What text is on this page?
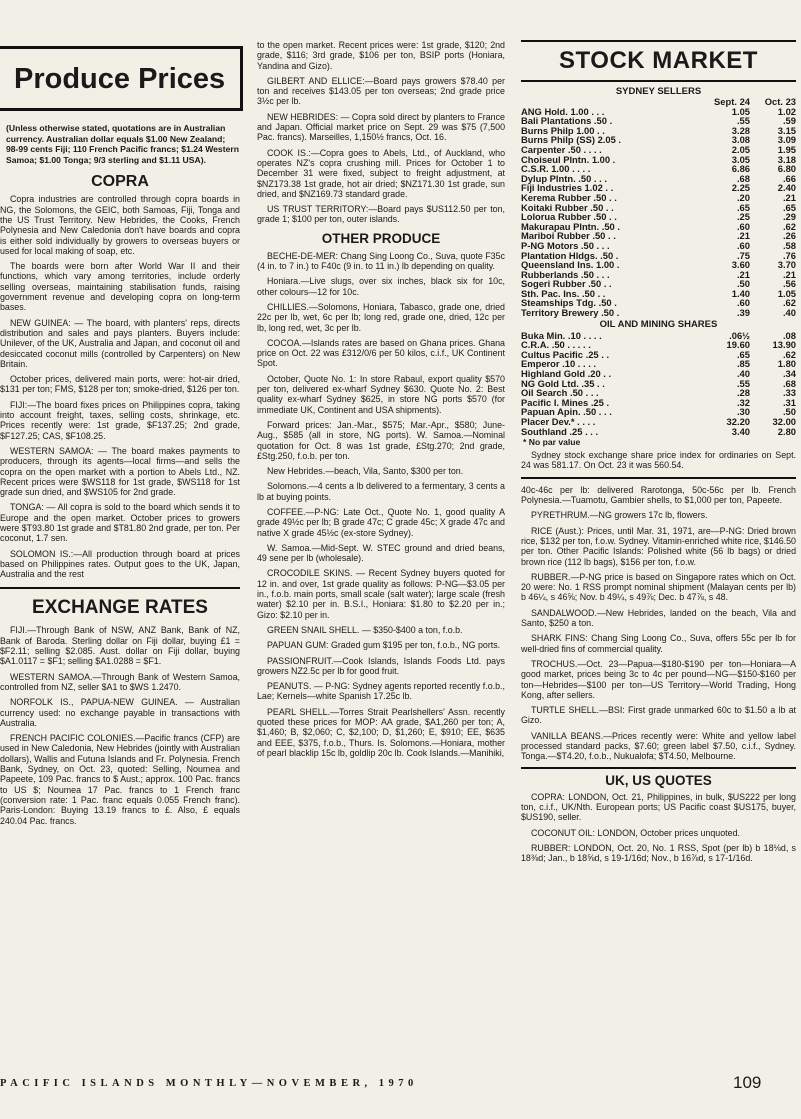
Produce Prices
(Unless otherwise stated, quotations are in Australian currency. Australian dollar equals $1.00 New Zealand; 98-99 cents Fiji; 110 French Pacific francs; $1.24 Western Samoa; $1.00 Tonga; 9/3 sterling and $1.11 USA).
COPRA

Copra industries are controlled through copra boards in NG, the Solomons, the GEIC, both Samoas, Fiji, Tonga and the US Trust Territory. New Hebrides, the Cooks, French Polynesia and New Caledonia don't have boards and copra is either sold individually by growers to overseas buyers or used for local making of soap, etc.

The boards were born after World War II and their functions, which vary among territories, include orderly selling overseas, maintaining stabilisation funds, raising government revenue and developing copra on long-term bases.

NEW GUINEA: — The board, with planters' reps, directs distribution and sales and pays planters. Buyers include: Unilever, of the UK, Australia and Japan, and coconut oil and desiccated coconut mills (controlled by Carpenters) on New Britain.

October prices, delivered main ports, were: hot-air dried, $131 per ton; FMS, $128 per ton; smoke-dried, $126 per ton.

FIJI:—The board fixes prices on Philippines copra, taking into account freight, taxes, selling costs, shrinkage, etc. Prices recently were: 1st grade, $F137.25; 2nd grade, $F127.25; CAS, $F108.25.

WESTERN SAMOA: — The board makes payments to producers, through its agents—local firms—and sells the copra on the open market with a portion to Abels Ltd., NZ. Recent prices were $WS118 for 1st grade, $WS118 for 1st grade sun dried, and $WS105 for 2nd grade.

TONGA: — All copra is sold to the board which sends it to Europe and the open market. October prices to growers were $T93.80 1st grade and $T81.80 2nd grade, per ton. Per coconut, 1.7 sen.

SOLOMON IS.:—All production through board at prices based on Philippines rates. Output goes to the UK, Japan, Australia and the rest

EXCHANGE RATES

FIJI.—Through Bank of NSW, ANZ Bank, Bank of NZ, Bank of Baroda. Sterling dollar on Fiji dollar, buying £1 = $F2.11; selling $2.085. Aust. dollar on Fiji dollar, buying $A1.0117 = $F1; selling $A1.0288 = $F1.

WESTERN SAMOA.—Through Bank of Western Samoa, controlled from NZ, seller $A1 to $WS 1.2470.

NORFOLK IS., PAPUA-NEW GUINEA. — Australian currency used: no exchange payable in transactions with Australia.

FRENCH PACIFIC COLONIES.—Pacific francs (CFP) are used in New Caledonia, New Hebrides (jointly with Australian dollars), Wallis and Futuna Islands and Fr. Polynesia. French Bank, Sydney, on Oct. 23, quoted: Selling, Noumea and Papeete, 109 Pac. francs to $ Aust.; approx. 100 Pac. francs to US $; Noumea 17 Pac. francs to 1 French franc (conversion rate: 1 Pac. franc equals 0.055 French franc). Paris-London: Buying 13.19 francs to £. Also, £ equals 240.04 Pac. francs.

to the open market. Recent prices were: 1st grade, $120; 2nd grade, $116; 3rd grade, $106 per ton, BSIP ports (Honiara, Yandina and Gizo).

GILBERT AND ELLICE:—Board pays growers $78.40 per ton and receives $143.05 per ton overseas; 2nd grade price 3½c per lb.

NEW HEBRIDES: — Copra sold direct by planters to France and Japan. Official market price on Sept. 29 was $75 (7,500 Pac. francs). Marseilles, 1,150½ francs, Oct. 16.

COOK IS.:—Copra goes to Abels, Ltd., of Auckland, who operates NZ's copra crushing mill. Prices for October 1 to December 31 were fixed, subject to freight adjustment, at $NZ173.38 1st grade, hot air dried; $NZ171.30 1st grade, sun dried, and $NZ169.73 standard grade.

US TRUST TERRITORY:—Board pays $US112.50 per ton, grade 1; $100 per ton, outer islands.

OTHER PRODUCE

BECHE-DE-MER: Chang Sing Loong Co., Suva, quote F35c (4 in. to 7 in.) to F40c (9 in. to 11 in.) lb depending on quality.

Honiara.—Live slugs, over six inches, black six for 10c, other colours—12 for 10c.

CHILLIES.—Solomons, Honiara, Tabasco, grade one, dried 22c per lb, wet, 6c per lb; long red, grade one, dried, 12c per lb, long red, wet, 3c per lb.

COCOA.—Islands rates are based on Ghana prices. Ghana price on Oct. 22 was £312/0/6 per 50 kilos, c.i.f., UK Continent Spot.

October, Quote No. 1: In store Rabaul, export quality $570 per ton, delivered ex-wharf Sydney $630. Quote No. 2: Best quality ex-wharf Sydney $625, in store NG ports $570 (for immediate UK, Continent and USA shipments).

Forward prices: Jan.-Mar., $575; Mar.-Apr., $580; June-Aug., $585 (all in store, NG ports). W. Samoa.—Nominal quotation for Oct. 8 was 1st grade, £Stg.270; 2nd grade, £Stg.250, f.o.b. per ton.

New Hebrides.—beach, Vila, Santo, $300 per ton.

Solomons.—4 cents a lb delivered to a fermentary, 3 cents a lb at buying points.

COFFEE.—P-NG: Late Oct., Quote No. 1, good quality A grade 49½c per lb; B grade 47c; C grade 45c; X grade 47c and native X grade 45½c (ex-store Sydney).

W. Samoa.—Mid-Sept. W. STEC ground and dried beans, 49 sene per lb (wholesale).

CROCODILE SKINS. — Recent Sydney buyers quoted for 12 in. and over, 1st grade quality as follows: P-NG—$3.05 per in., f.o.b. main ports, small scale (salt water); large scale (fresh water) $2.10 per in. B.S.I., Honiara: $1.80 to $2.20 per in.; Gizo: $2.10 per in.

GREEN SNAIL SHELL. — $350-$400 a ton, f.o.b.

PAPUAN GUM: Graded gum $195 per ton, f.o.b., NG ports.

PASSIONFRUIT.—Cook Islands, Islands Foods Ltd. pays growers NZ2.5c per lb for good fruit.

PEANUTS. — P-NG: Sydney agents reported recently f.o.b., Lae; Kernels—white Spanish 17.25c lb.

PEARL SHELL.—Torres Strait Pearlshellers' Assn. recently quoted these prices for MOP: AA grade, $A1,260 per ton; A, $1,460; B, $2,060; C, $2,100; D, $1,260; E, $910; EE, $635 and EEE, $375, f.o.b., Thurs. Is. Solomons.—Honiara, mother of pearl blacklip 15c lb, goldlip 20c lb. Cook Islands.—Manihiki,

STOCK MARKET
SYDNEY SELLERS
	Sept. 24	Oct. 23
ANG Hold. 1.00 . . .	1.05	1.02
Bali Plantations .50 .	.55	.59
Burns Philp 1.00 . .	3.28	3.15
Burns Philp (SS) 2.05 .	3.08	3.09
Carpenter .50 . . . .	2.05	1.95
Choiseul Plntn. 1.00 .	3.05	3.18
C.S.R. 1.00 . . . .	6.86	6.80
Dylup Plntn. .50 . . .	.68	.66
Fiji Industries 1.02 . .	2.25	2.40
Kerema Rubber .50 . .	.20	.21
Koitaki Rubber .50 . .	.65	.65
Lolorua Rubber .50 . .	.25	.29
Makurapau Plntn. .50 .	.60	.62
Mariboi Rubber .50 . .	.21	.26
P-NG Motors .50 . . .	.60	.58
Plantation Hldgs. .50 .	.75	.76
Queensland Ins. 1.00 .	3.60	3.70
Rubberlands .50 . . .	.21	.21
Sogeri Rubber .50 . .	.50	.56
Sth. Pac. Ins. .50 . .	1.40	1.05
Steamships Tdg. .50 .	.60	.62
Territory Brewery .50 .	.39	.40
OIL AND MINING SHARES
Buka Min. .10 . . . .	.06½	.08
C.R.A. .50 . . . . .	19.60	13.90
Cultus Pacific .25 . .	.65	.62
Emperor .10 . . . .	.85	1.80
Highland Gold .20 . .	.40	.34
NG Gold Ltd. .35 . .	.55	.68
Oil Search .50 . . .	.28	.33
Pacific I. Mines .25 .	.32	.31
Papuan Apin. .50 . . .	.30	.50
Placer Dev.* . . . .	32.20	32.00
Southland .25 . . .	3.40	2.80
* No par value

Sydney stock exchange share price index for ordinaries on Sept. 24 was 581.17. On Oct. 23 it was 560.54.

40c-46c per lb: delivered Rarotonga, 50c-56c per lb. French Polynesia.—Tuamotu, Gambier shells, to $1,000 per ton, Papeete.

PYRETHRUM.—NG growers 17c lb, flowers.

RICE (Aust.): Prices, until Mar. 31, 1971, are—P-NG: Dried brown rice, $132 per ton, f.o.w. Sydney. Vitamin-enriched white rice, $146.50 per ton. Other Pacific Islands: Polished white (56 lb bags) or dried brown rice (112 lb bags), $156 per ton, f.o.w.

RUBBER.—P-NG price is based on Singapore rates which on Oct. 20 were: No. 1 RSS prompt nominal shipment (Malayan cents per lb) b 46¼, s 46⅝; Nov. b 49¼, s 49⅞; Dec. b 47⅞, s 48.

SANDALWOOD.—New Hebrides, landed on the beach, Vila and Santo, $250 a ton.

SHARK FINS: Chang Sing Loong Co., Suva, offers 55c per lb for well-dried fins of commercial quality.

TROCHUS.—Oct. 23—Papua—$180-$190 per ton—Honiara—A good market, prices being 3c to 4c per pound—NG—$150-$160 per ton—Hebrides—$100 per ton—US Territory—World Trading, Hong Kong, after sellers.

TURTLE SHELL.—BSI: First grade unmarked 60c to $1.50 a lb at Gizo.

VANILLA BEANS.—Prices recently were: White and yellow label processed standard packs, $7.60; green label $7.50, c.i.f., Sydney. Tonga.—$T4.20, f.o.b., Nukualofa; $T4.50, Melbourne.

UK, US QUOTES

COPRA: LONDON, Oct. 21, Philippines, in bulk, $US222 per long ton, c.i.f., UK/Nth. European ports; US Pacific coast $US175, buyer, $US190, seller.

COCONUT OIL: LONDON, October prices unquoted.

RUBBER: LONDON, Oct. 20, No. 1 RSS, Spot (per lb) b 18⅛d, s 18⅜d; Jan., b 18⅝d, s 19-1/16d; Nov., b 16⅞d, s 17-1/16d.

PACIFIC ISLANDS MONTHLY—NOVEMBER, 1970	109
